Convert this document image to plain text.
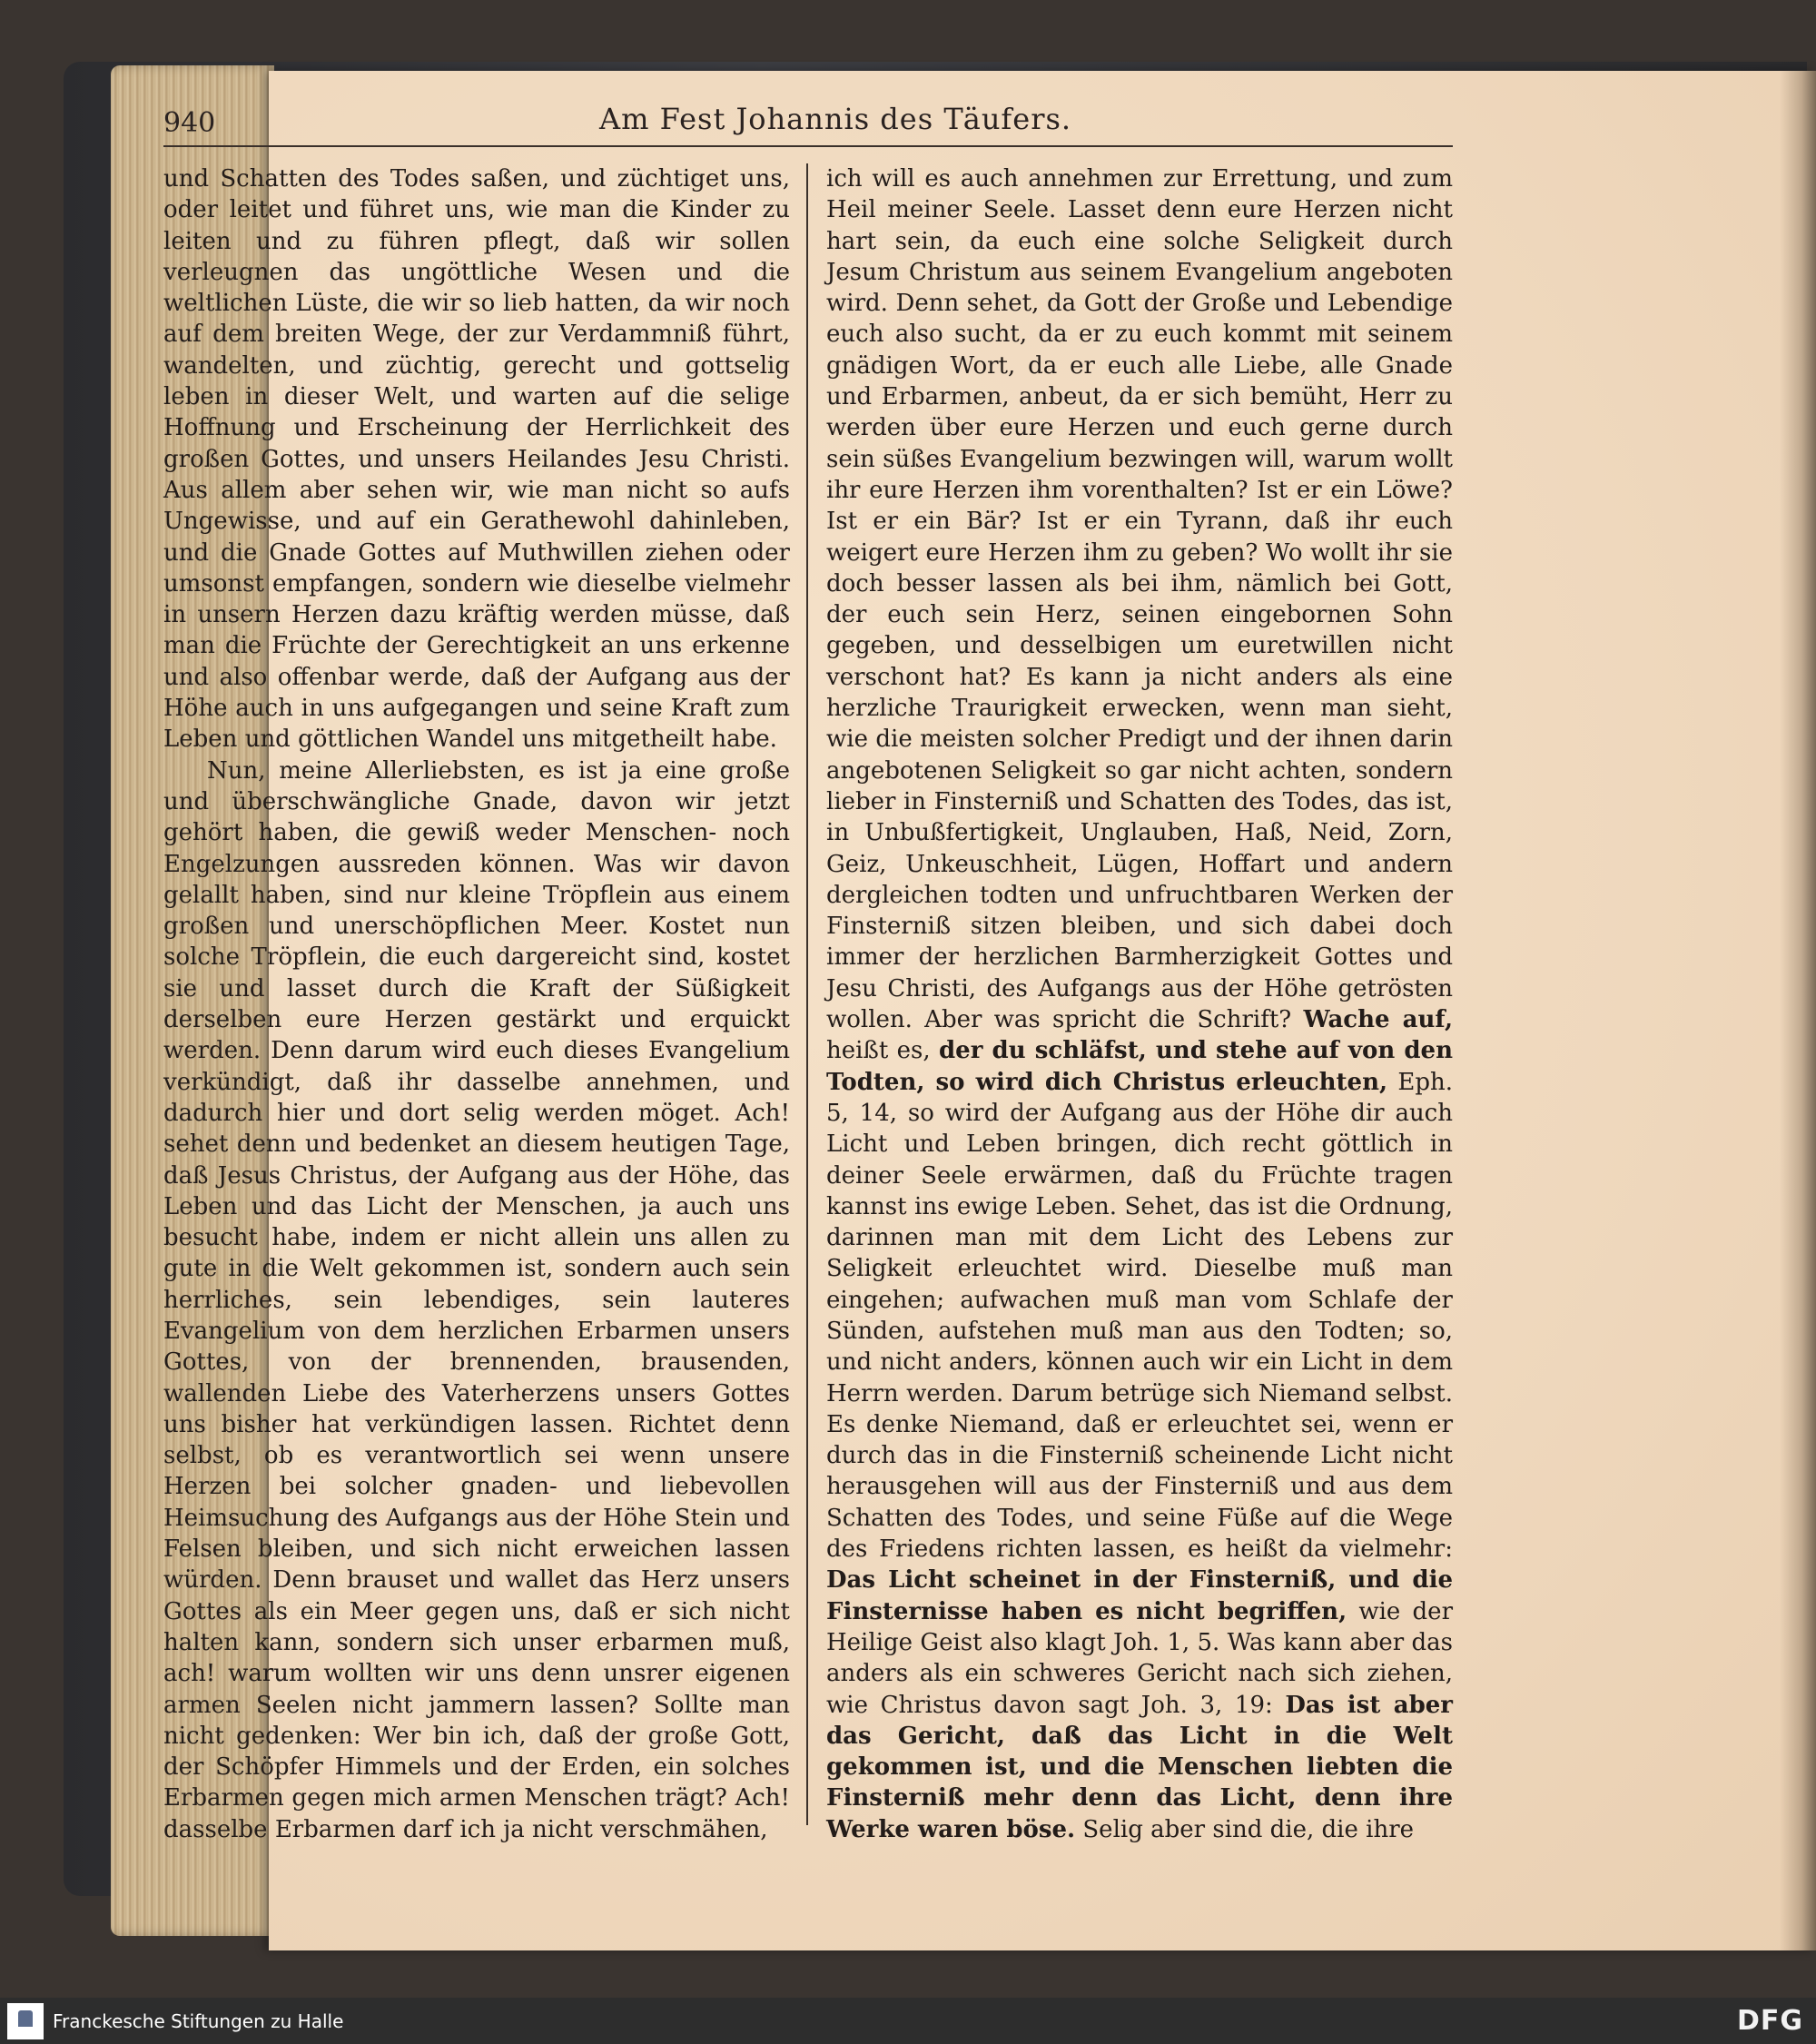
940	Am Fest Johannis des Täufers.

und Schatten des Todes saßen, und züchtiget uns, oder leitet und führet uns, wie man die Kinder zu leiten und zu führen pflegt, daß wir sollen verleugnen das ungöttliche Wesen und die weltlichen Lüste, die wir so lieb hatten, da wir noch auf dem breiten Wege, der zur Verdammniß führt, wandelten, und züchtig, gerecht und gottselig leben in dieser Welt, und warten auf die selige Hoffnung und Erscheinung der Herrlichkeit des großen Gottes, und unsers Heilandes Jesu Christi. Aus allem aber sehen wir, wie man nicht so aufs Ungewisse, und auf ein Gerathewohl dahinleben, und die Gnade Gottes auf Muthwillen ziehen oder umsonst empfangen, sondern wie dieselbe vielmehr in unsern Herzen dazu kräftig werden müsse, daß man die Früchte der Gerechtigkeit an uns erkenne und also offenbar werde, daß der Aufgang aus der Höhe auch in uns aufgegangen und seine Kraft zum Leben und göttlichen Wandel uns mitgetheilt habe.

Nun, meine Allerliebsten, es ist ja eine große und überschwängliche Gnade, davon wir jetzt gehört haben, die gewiß weder Menschen- noch Engelzungen aussreden können. Was wir davon gelallt haben, sind nur kleine Tröpflein aus einem großen und unerschöpflichen Meer. Kostet nun solche Tröpflein, die euch dargereicht sind, kostet sie und lasset durch die Kraft der Süßigkeit derselben eure Herzen gestärkt und erquickt werden. Denn darum wird euch dieses Evangelium verkündigt, daß ihr dasselbe annehmen, und dadurch hier und dort selig werden möget. Ach! sehet denn und bedenket an diesem heutigen Tage, daß Jesus Christus, der Aufgang aus der Höhe, das Leben und das Licht der Menschen, ja auch uns besucht habe, indem er nicht allein uns allen zu gute in die Welt gekommen ist, sondern auch sein herrliches, sein lebendiges, sein lauteres Evangelium von dem herzlichen Erbarmen unsers Gottes, von der brennenden, brausenden, wallenden Liebe des Vaterherzens unsers Gottes uns bisher hat verkündigen lassen. Richtet denn selbst, ob es verantwortlich sei wenn unsere Herzen bei solcher gnaden- und liebevollen Heimsuchung des Aufgangs aus der Höhe Stein und Felsen bleiben, und sich nicht erweichen lassen würden. Denn brauset und wallet das Herz unsers Gottes als ein Meer gegen uns, daß er sich nicht halten kann, sondern sich unser erbarmen muß, ach! warum wollten wir uns denn unsrer eigenen armen Seelen nicht jammern lassen? Sollte man nicht gedenken: Wer bin ich, daß der große Gott, der Schöpfer Himmels und der Erden, ein solches Erbarmen gegen mich armen Menschen trägt? Ach! dasselbe Erbarmen darf ich ja nicht verschmähen,

ich will es auch annehmen zur Errettung, und zum Heil meiner Seele. Lasset denn eure Herzen nicht hart sein, da euch eine solche Seligkeit durch Jesum Christum aus seinem Evangelium angeboten wird. Denn sehet, da Gott der Große und Lebendige euch also sucht, da er zu euch kommt mit seinem gnädigen Wort, da er euch alle Liebe, alle Gnade und Erbarmen, anbeut, da er sich bemüht, Herr zu werden über eure Herzen und euch gerne durch sein süßes Evangelium bezwingen will, warum wollt ihr eure Herzen ihm vorenthalten? Ist er ein Löwe? Ist er ein Bär? Ist er ein Tyrann, daß ihr euch weigert eure Herzen ihm zu geben? Wo wollt ihr sie doch besser lassen als bei ihm, nämlich bei Gott, der euch sein Herz, seinen eingebornen Sohn gegeben, und desselbigen um euretwillen nicht verschont hat? Es kann ja nicht anders als eine herzliche Traurigkeit erwecken, wenn man sieht, wie die meisten solcher Predigt und der ihnen darin angebotenen Seligkeit so gar nicht achten, sondern lieber in Finsterniß und Schatten des Todes, das ist, in Unbußfertigkeit, Unglauben, Haß, Neid, Zorn, Geiz, Unkeuschheit, Lügen, Hoffart und andern dergleichen todten und unfruchtbaren Werken der Finsterniß sitzen bleiben, und sich dabei doch immer der herzlichen Barmherzigkeit Gottes und Jesu Christi, des Aufgangs aus der Höhe getrösten wollen. Aber was spricht die Schrift? Wache auf, heißt es, der du schläfst, und stehe auf von den Todten, so wird dich Christus erleuchten, Eph. 5, 14, so wird der Aufgang aus der Höhe dir auch Licht und Leben bringen, dich recht göttlich in deiner Seele erwärmen, daß du Früchte tragen kannst ins ewige Leben. Sehet, das ist die Ordnung, darinnen man mit dem Licht des Lebens zur Seligkeit erleuchtet wird. Dieselbe muß man eingehen; aufwachen muß man vom Schlafe der Sünden, aufstehen muß man aus den Todten; so, und nicht anders, können auch wir ein Licht in dem Herrn werden. Darum betrüge sich Niemand selbst. Es denke Niemand, daß er erleuchtet sei, wenn er durch das in die Finsterniß scheinende Licht nicht herausgehen will aus der Finsterniß und aus dem Schatten des Todes, und seine Füße auf die Wege des Friedens richten lassen, es heißt da vielmehr: Das Licht scheinet in der Finsterniß, und die Finsternisse haben es nicht begriffen, wie der Heilige Geist also klagt Joh. 1, 5. Was kann aber das anders als ein schweres Gericht nach sich ziehen, wie Christus davon sagt Joh. 3, 19: Das ist aber das Gericht, daß das Licht in die Welt gekommen ist, und die Menschen liebten die Finsterniß mehr denn das Licht, denn ihre Werke waren böse. Selig aber sind die, die ihre

Franckesche Stiftungen zu Halle	DFG
